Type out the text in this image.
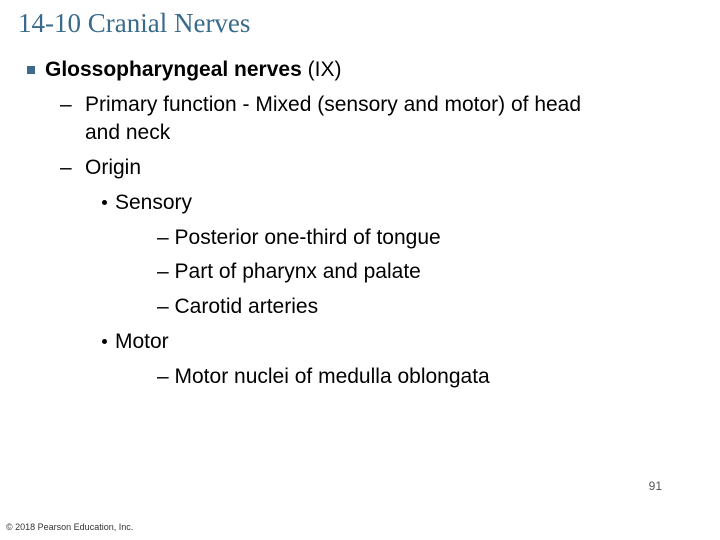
14-10 Cranial Nerves
Glossopharyngeal nerves (IX)
– Primary function - Mixed (sensory and motor) of head
and neck
– Origin
Sensory
– Posterior one-third of tongue
– Part of pharynx and palate
– Carotid arteries
Motor
– Motor nuclei of medulla oblongata
91
© 2018 Pearson Education, Inc.
